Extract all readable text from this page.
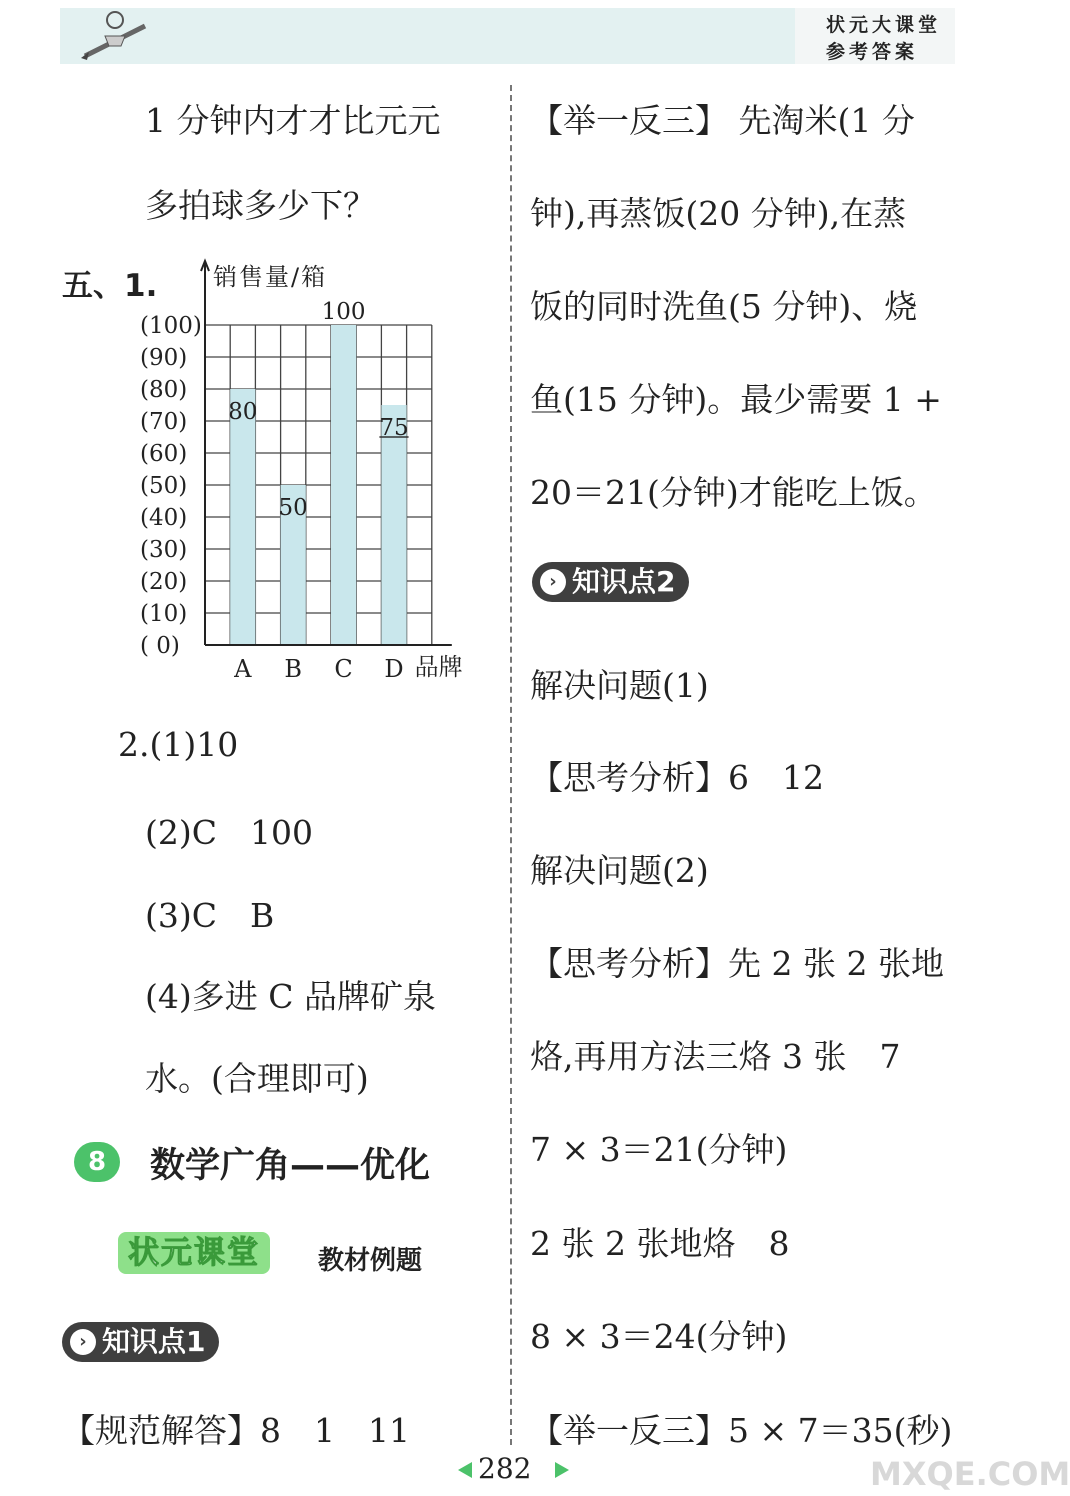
状元大课堂
参考答案
1 分钟内才才比元元
多拍球多少下？
五、1.
80
50
100
75
销售量/箱
(100)
(90)
(80)
(70)
(60)
(50)
(40)
(30)
(20)
(10)
( 0)
A B C D 品牌
2.(1)10
(2)C　100
(3)C　B
(4)多进 C 品牌矿泉
水。(合理即可)
8	数学广角——优化
状元课堂	教材例题
› 知识点1
【规范解答】8　1　11
【举一反三】 先淘米(1 分
钟),再蒸饭(20 分钟),在蒸
饭的同时洗鱼(5 分钟)、烧
鱼(15 分钟)。最少需要 1 +
20＝21(分钟)才能吃上饭。
› 知识点2
解决问题(1)
【思考分析】6　12
解决问题(2)
【思考分析】先 2 张 2 张地
烙,再用方法三烙 3 张　7
7 × 3＝21(分钟)
2 张 2 张地烙　8
8 × 3＝24(分钟)
【举一反三】5 × 7＝35(秒)
282	MXQE.COM
